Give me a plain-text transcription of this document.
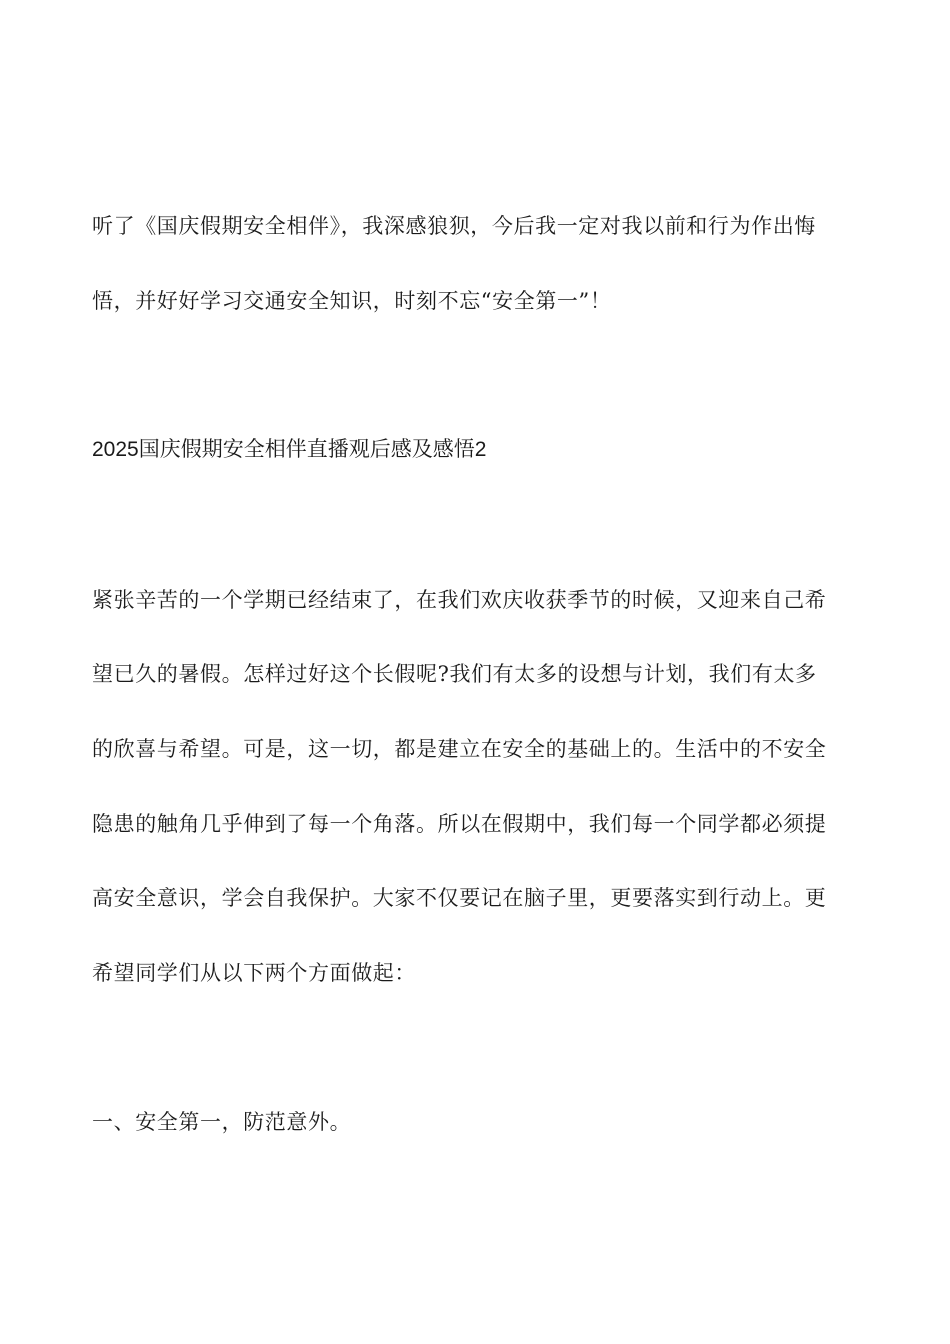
听了《国庆假期安全相伴》，我深感狼狈，今后我一定对我以前和行为作出悔
悟，并好好学习交通安全知识，时刻不忘“安全第一”！
2025国庆假期安全相伴直播观后感及感悟2
紧张辛苦的一个学期已经结束了，在我们欢庆收获季节的时候，又迎来自己希
望已久的暑假。怎样过好这个长假呢?我们有太多的设想与计划，我们有太多
的欣喜与希望。可是，这一切，都是建立在安全的基础上的。生活中的不安全
隐患的触角几乎伸到了每一个角落。所以在假期中，我们每一个同学都必须提
高安全意识，学会自我保护。大家不仅要记在脑子里，更要落实到行动上。更
希望同学们从以下两个方面做起：
一、安全第一，防范意外。
